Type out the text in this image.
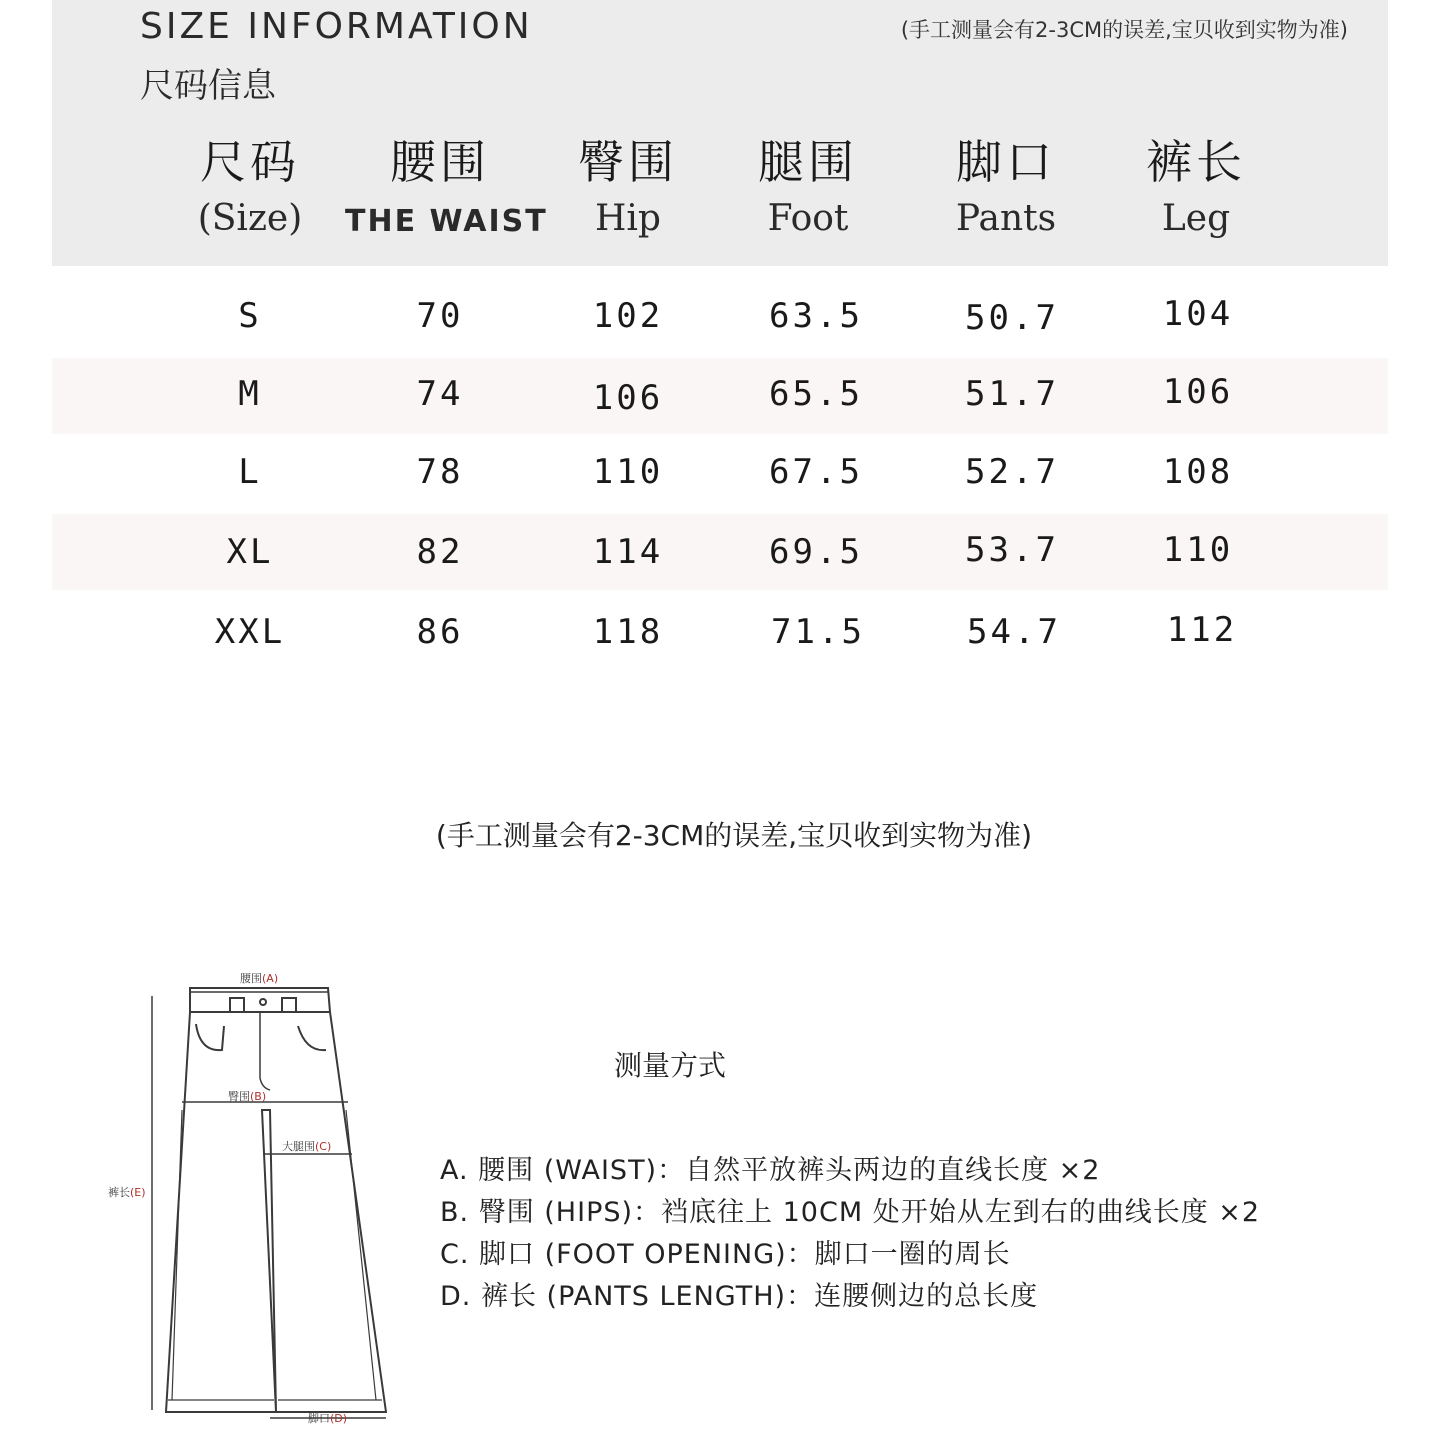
SIZE INFORMATION
尺码信息
(手工测量会有2-3CM的误差,宝贝收到实物为准)
尺码	腰围	臀围	腿围	脚口	裤长
(Size)	THE WAIST	Hip	Foot	Pants	Leg
S	70	102	63.5	50.7	104
M	74	106	65.5	51.7	106
L	78	110	67.5	52.7	108
XL	82	114	69.5	53.7	110
XXL	86	118	71.5	54.7	112
(手工测量会有2-3CM的误差,宝贝收到实物为准)
腰围(A)
臀围(B)
大腿围(C)
裤长(E)
脚口(D)
测量方式
A. 腰围 (WAIST)：自然平放裤头两边的直线长度 ×2
B. 臀围 (HIPS)：裆底往上 10CM 处开始从左到右的曲线长度 ×2
C. 脚口 (FOOT OPENING)：脚口一圈的周长
D. 裤长 (PANTS LENGTH)：连腰侧边的总长度
